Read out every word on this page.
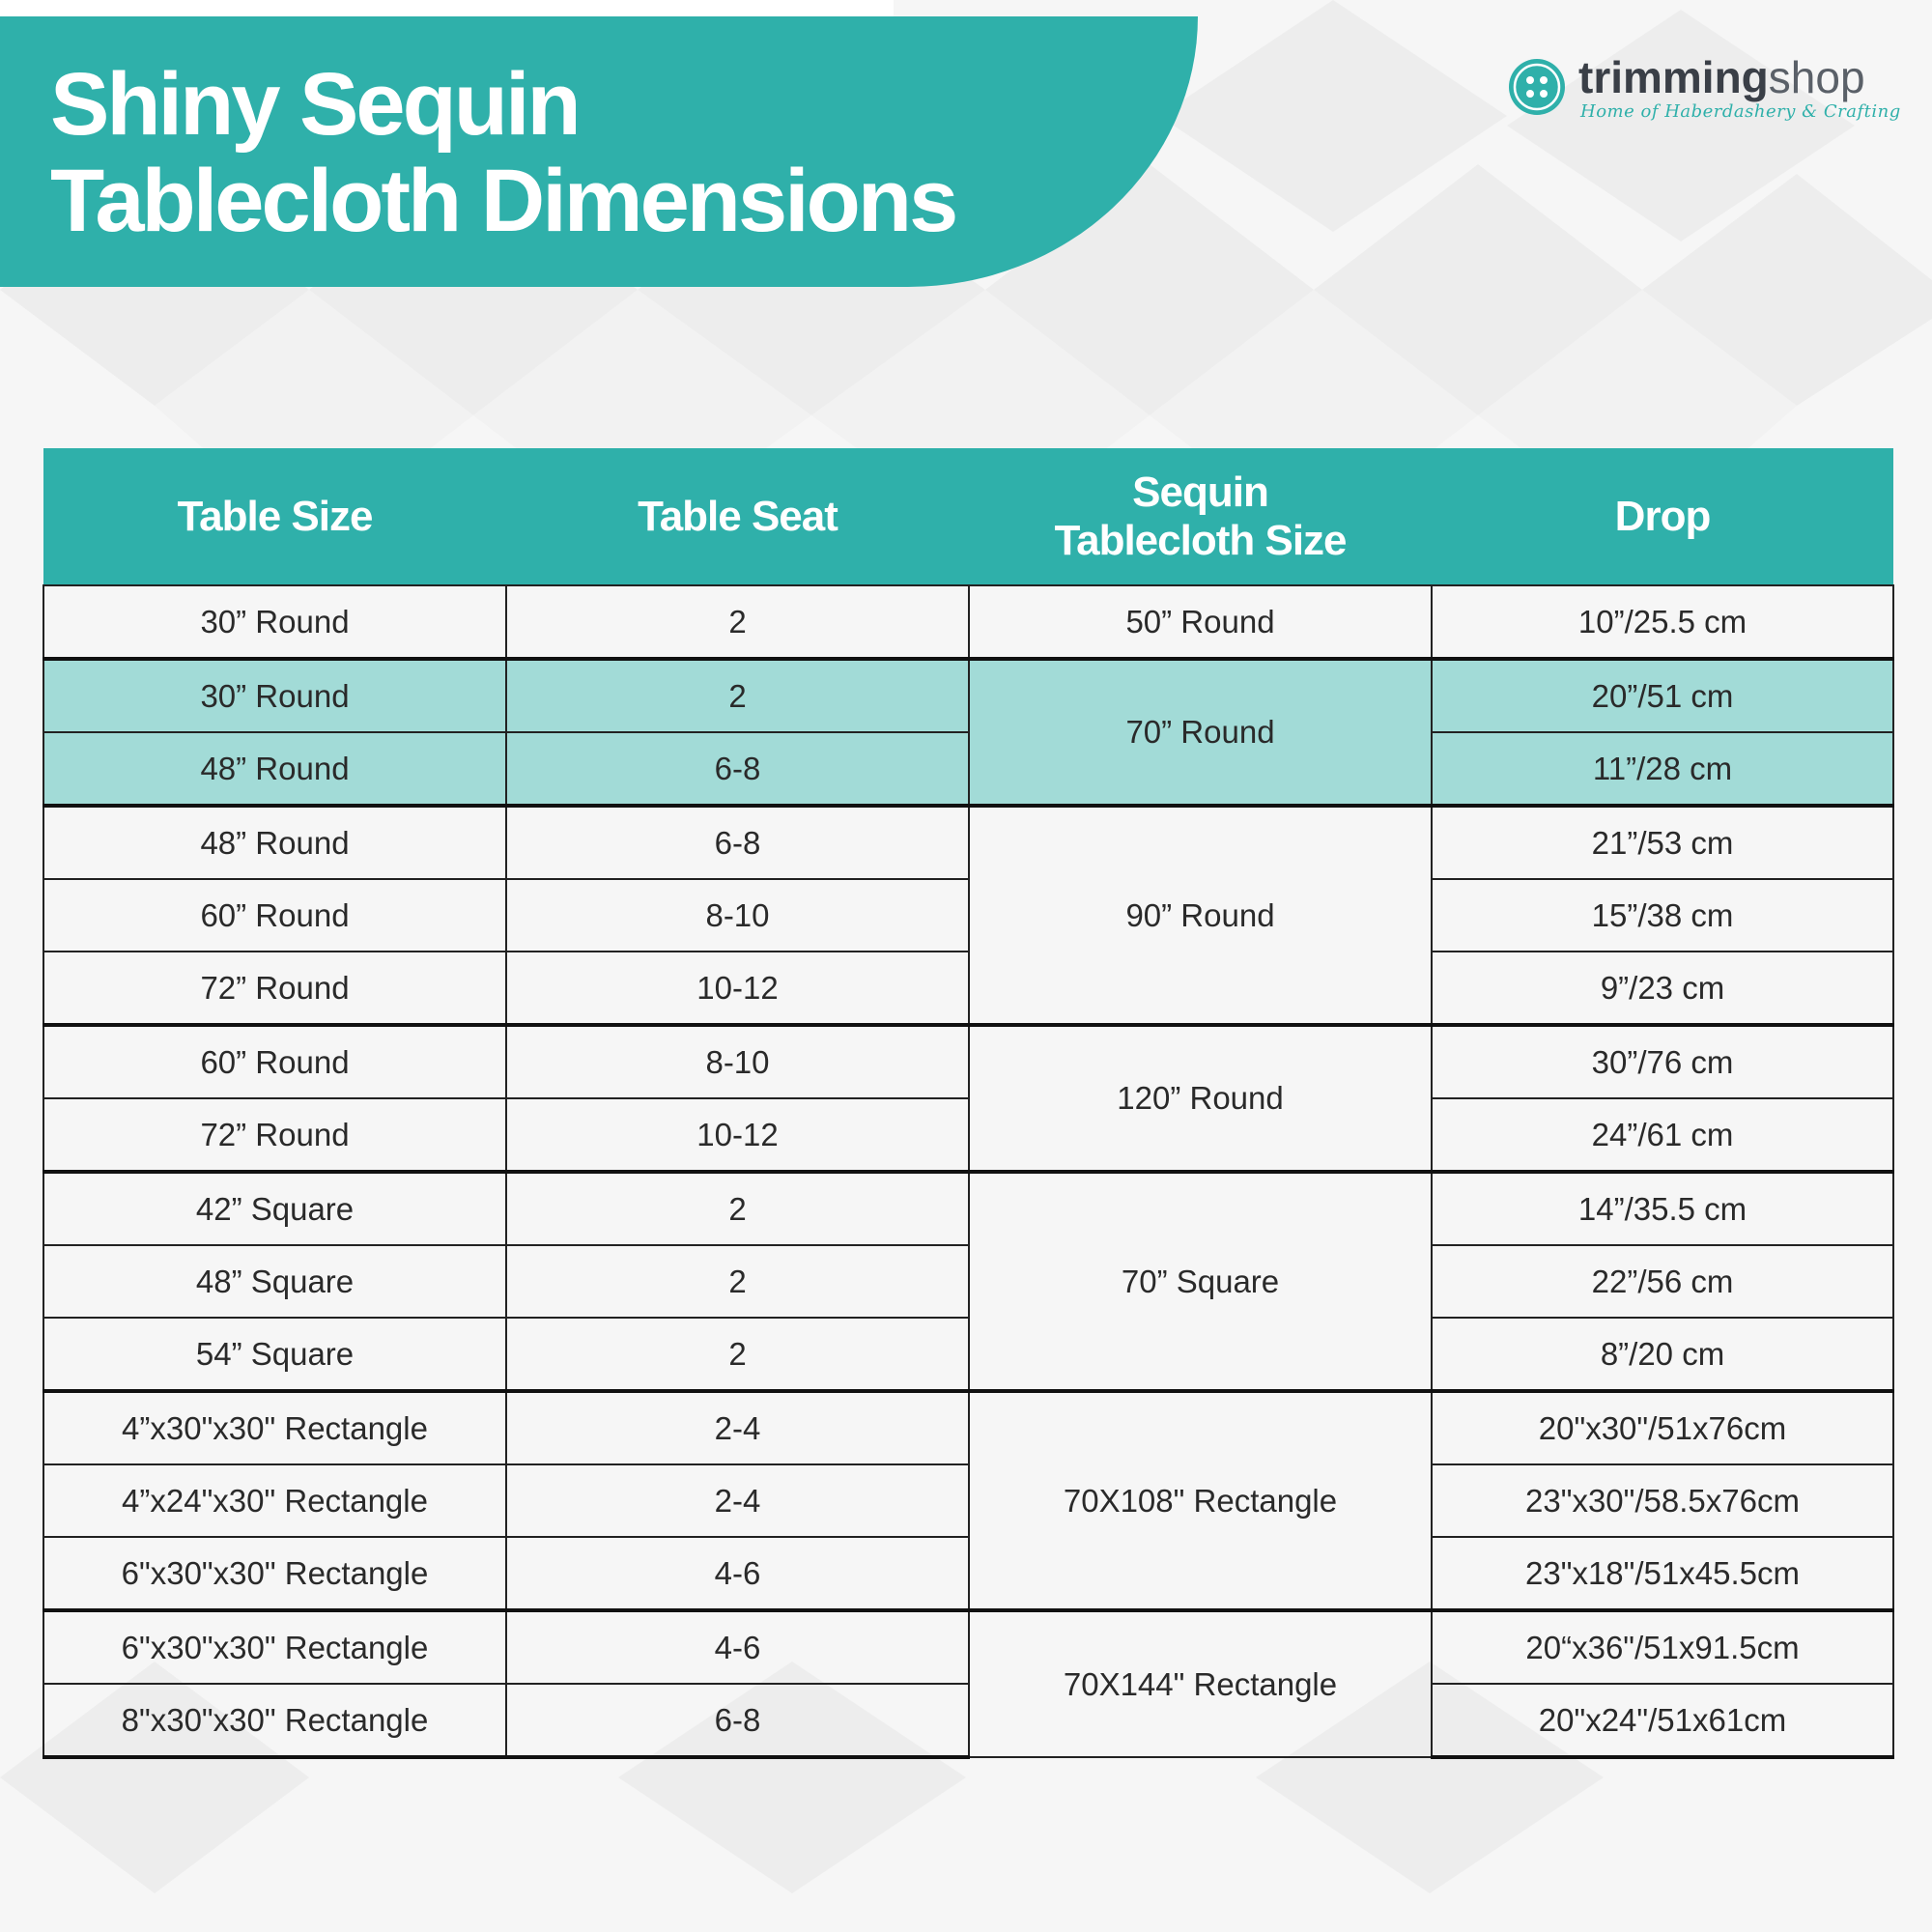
Shiny Sequin
Tablecloth Dimensions
trimmingshop
Home of Haberdashery & Crafting
Table Size	Table Seat	Sequin Tablecloth Size	Drop
30” Round	2	50” Round	10”/25.5 cm
30” Round	2	70” Round	20”/51 cm
48” Round	6-8		11”/28 cm
48” Round	6-8	90” Round	21”/53 cm
60” Round	8-10		15”/38 cm
72” Round	10-12		9”/23 cm
60” Round	8-10	120” Round	30”/76 cm
72” Round	10-12		24”/61 cm
42” Square	2	70” Square	14”/35.5 cm
48” Square	2		22”/56 cm
54” Square	2		8”/20 cm
4”x30"x30" Rectangle	2-4	70X108" Rectangle	20"x30"/51x76cm
4”x24"x30" Rectangle	2-4		23"x30"/58.5x76cm
6"x30"x30" Rectangle	4-6		23"x18"/51x45.5cm
6"x30"x30" Rectangle	4-6	70X144" Rectangle	20“x36"/51x91.5cm
8"x30"x30" Rectangle	6-8		20"x24"/51x61cm
